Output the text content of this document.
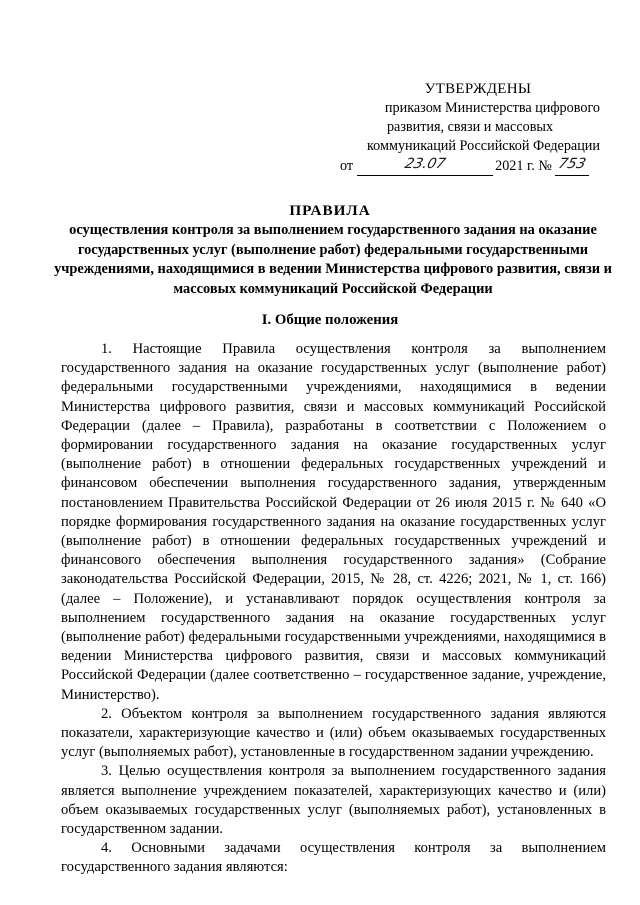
УТВЕРЖДЕНЫ
приказом Министерства цифрового
развития, связи и массовых
коммуникаций Российской Федерации
от	23.07	2021 г. № 753
ПРАВИЛА
осуществления контроля за выполнением государственного задания на оказание государственных услуг (выполнение работ) федеральными государственными учреждениями, находящимися в ведении Министерства цифрового развития, связи и массовых коммуникаций Российской Федерации
I. Общие положения

1. Настоящие Правила осуществления контроля за выполнением государственного задания на оказание государственных услуг (выполнение работ) федеральными государственными учреждениями, находящимися в ведении Министерства цифрового развития, связи и массовых коммуникаций Российской Федерации (далее – Правила), разработаны в соответствии с Положением о формировании государственного задания на оказание государственных услуг (выполнение работ) в отношении федеральных государственных учреждений и финансовом обеспечении выполнения государственного задания, утвержденным постановлением Правительства Российской Федерации от 26 июля 2015 г. № 640 «О порядке формирования государственного задания на оказание государственных услуг (выполнение работ) в отношении федеральных государственных учреждений и финансового обеспечения выполнения государственного задания» (Собрание законодательства Российской Федерации, 2015, № 28, ст. 4226; 2021, № 1, ст. 166) (далее – Положение), и устанавливают порядок осуществления контроля за выполнением государственного задания на оказание государственных услуг (выполнение работ) федеральными государственными учреждениями, находящимися в ведении Министерства цифрового развития, связи и массовых коммуникаций Российской Федерации (далее соответственно – государственное задание, учреждение, Министерство).

2. Объектом контроля за выполнением государственного задания являются показатели, характеризующие качество и (или) объем оказываемых государственных услуг (выполняемых работ), установленные в государственном задании учреждению.

3. Целью осуществления контроля за выполнением государственного задания является выполнение учреждением показателей, характеризующих качество и (или) объем оказываемых государственных услуг (выполняемых работ), установленных в государственном задании.

4. Основными задачами осуществления контроля за выполнением государственного задания являются:
